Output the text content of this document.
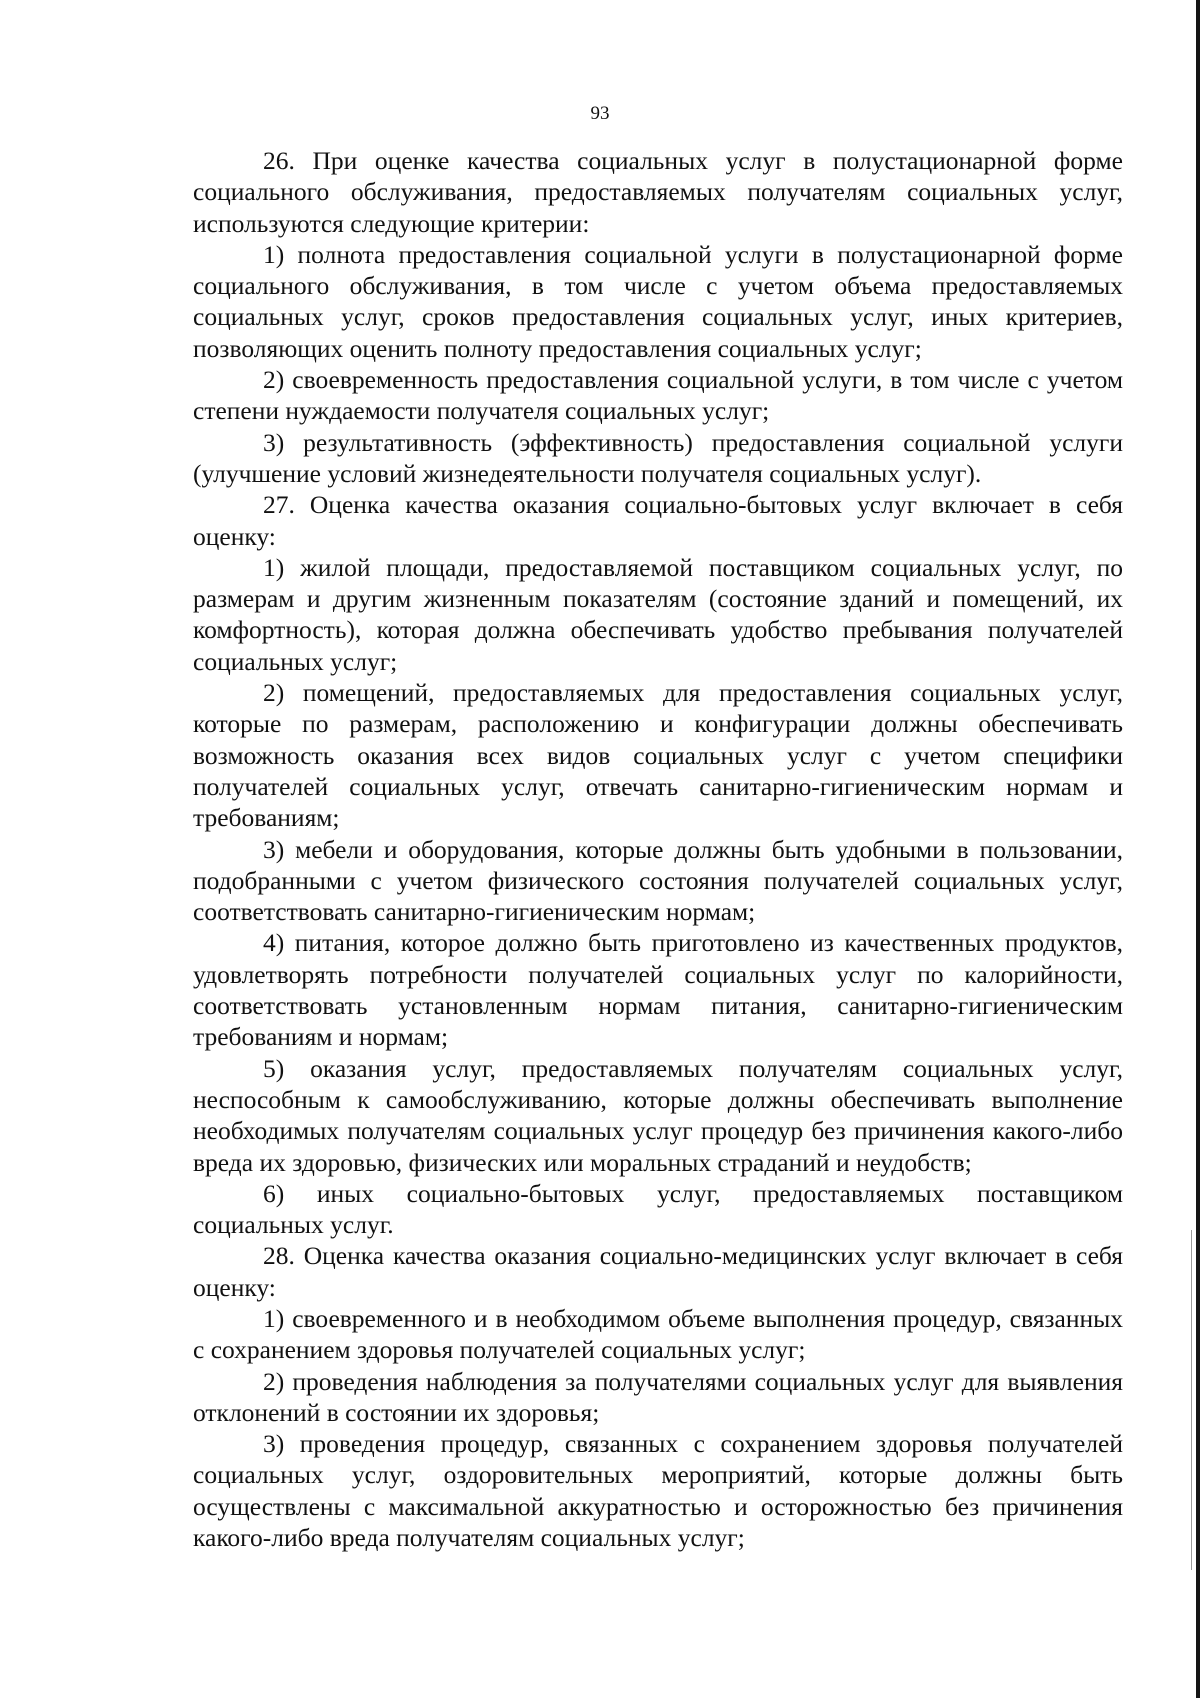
93

26. При оценке качества социальных услуг в полустационарной форме социального обслуживания, предоставляемых получателям социальных услуг, используются следующие критерии:

1) полнота предоставления социальной услуги в полустационарной форме социального обслуживания, в том числе с учетом объема предоставляемых социальных услуг, сроков предоставления социальных услуг, иных критериев, позволяющих оценить полноту предоставления социальных услуг;

2) своевременность предоставления социальной услуги, в том числе с учетом степени нуждаемости получателя социальных услуг;

3) результативность (эффективность) предоставления социальной услуги (улучшение условий жизнедеятельности получателя социальных услуг).

27. Оценка качества оказания социально-бытовых услуг включает в себя оценку:

1) жилой площади, предоставляемой поставщиком социальных услуг, по размерам и другим жизненным показателям (состояние зданий и помещений, их комфортность), которая должна обеспечивать удобство пребывания получателей социальных услуг;

2) помещений, предоставляемых для предоставления социальных услуг, которые по размерам, расположению и конфигурации должны обеспечивать возможность оказания всех видов социальных услуг с учетом специфики получателей социальных услуг, отвечать санитарно-гигиеническим нормам и требованиям;

3) мебели и оборудования, которые должны быть удобными в пользовании, подобранными с учетом физического состояния получателей социальных услуг, соответствовать санитарно-гигиеническим нормам;

4) питания, которое должно быть приготовлено из качественных продуктов, удовлетворять потребности получателей социальных услуг по калорийности, соответствовать установленным нормам питания, санитарно-гигиеническим требованиям и нормам;

5) оказания услуг, предоставляемых получателям социальных услуг, неспособным к самообслуживанию, которые должны обеспечивать выполнение необходимых получателям социальных услуг процедур без причинения какого-либо вреда их здоровью, физических или моральных страданий и неудобств;

6) иных социально-бытовых услуг, предоставляемых поставщиком социальных услуг.

28. Оценка качества оказания социально-медицинских услуг включает в себя оценку:

1) своевременного и в необходимом объеме выполнения процедур, связанных с сохранением здоровья получателей социальных услуг;

2) проведения наблюдения за получателями социальных услуг для выявления отклонений в состоянии их здоровья;

3) проведения процедур, связанных с сохранением здоровья получателей социальных услуг, оздоровительных мероприятий, которые должны быть осуществлены с максимальной аккуратностью и осторожностью без причинения какого-либо вреда получателям социальных услуг;
